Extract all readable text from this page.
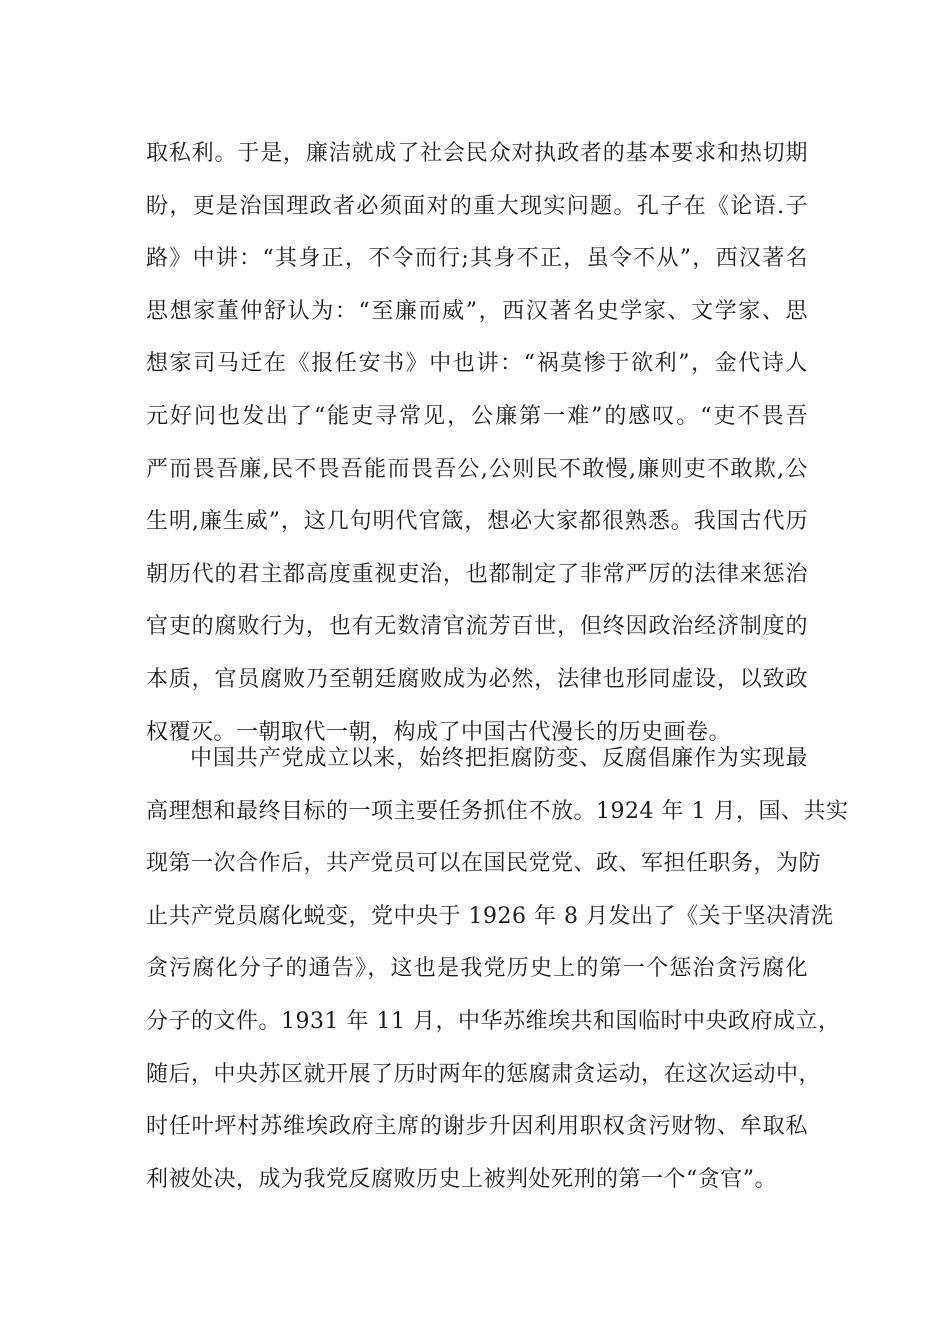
取私利。于是，廉洁就成了社会民众对执政者的基本要求和热切期
盼，更是治国理政者必须面对的重大现实问题。孔子在《论语.子
路》中讲：“其身正，不令而行;其身不正，虽令不从”，西汉著名
思想家董仲舒认为：“至廉而威”，西汉著名史学家、文学家、思
想家司马迁在《报任安书》中也讲：“祸莫惨于欲利”，金代诗人
元好问也发出了“能吏寻常见，公廉第一难”的感叹。“吏不畏吾
严而畏吾廉,民不畏吾能而畏吾公,公则民不敢慢,廉则吏不敢欺,公
生明,廉生威”，这几句明代官箴，想必大家都很熟悉。我国古代历
朝历代的君主都高度重视吏治，也都制定了非常严厉的法律来惩治
官吏的腐败行为，也有无数清官流芳百世，但终因政治经济制度的
本质，官员腐败乃至朝廷腐败成为必然，法律也形同虚设，以致政
权覆灭。一朝取代一朝，构成了中国古代漫长的历史画卷。
中国共产党成立以来，始终把拒腐防变、反腐倡廉作为实现最
高理想和最终目标的一项主要任务抓住不放。1924 年 1 月，国、共实
现第一次合作后，共产党员可以在国民党党、政、军担任职务，为防
止共产党员腐化蜕变，党中央于 1926 年 8 月发出了《关于坚决清洗
贪污腐化分子的通告》，这也是我党历史上的第一个惩治贪污腐化
分子的文件。1931 年 11 月，中华苏维埃共和国临时中央政府成立，
随后，中央苏区就开展了历时两年的惩腐肃贪运动，在这次运动中，
时任叶坪村苏维埃政府主席的谢步升因利用职权贪污财物、牟取私
利被处决，成为我党反腐败历史上被判处死刑的第一个“贪官”。
